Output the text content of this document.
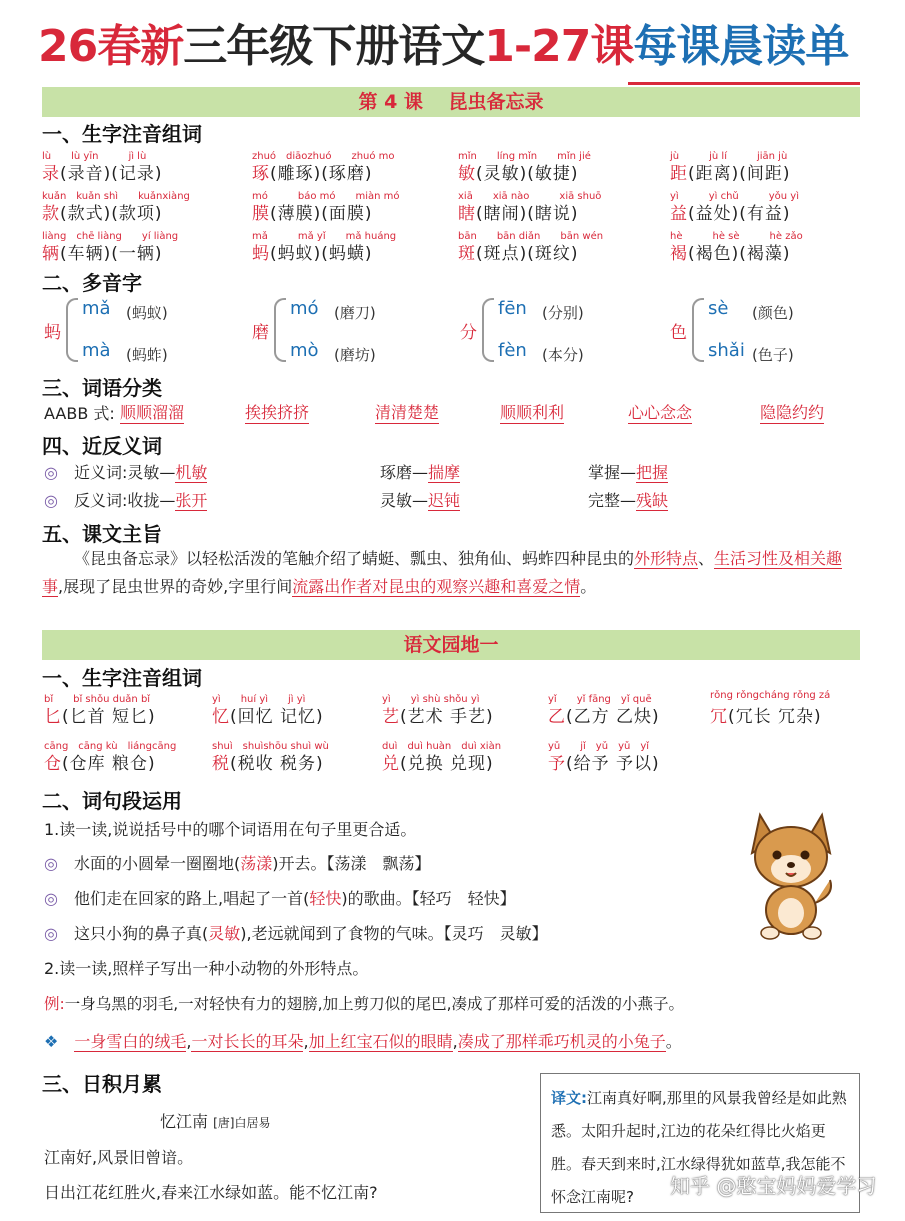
26春新三年级下册语文1-27课每课晨读单
第 4 课　 昆虫备忘录
一、生字注音组词
lù　　lù yīn　　　jì lù
录(录音)(记录)
zhuó　diāozhuó　　zhuó mo
琢(雕琢)(琢磨)
mǐn　　líng mǐn　　mǐn jié
敏(灵敏)(敏捷)
jù　　　jù lí　　　jiān jù
距(距离)(间距)
kuǎn　kuǎn shì　　kuǎnxiàng
款(款式)(款项)
mó　　　báo mó　　miàn mó
膜(薄膜)(面膜)
xiā　　xiā nào　　　xiā shuō
瞎(瞎闹)(瞎说)
yì　　　yì chǔ　　　yǒu yì
益(益处)(有益)
liàng　chē liàng　　yí liàng
辆(车辆)(一辆)
mǎ　　　mǎ yǐ　　mǎ huáng
蚂(蚂蚁)(蚂蟥)
bān　　bān diǎn　　bān wén
斑(斑点)(斑纹)
hè　　　hè sè　　　hè zǎo
褐(褐色)(褐藻)
二、多音字
蚂
mǎ (蚂蚁)
mà (蚂蚱)
磨
mó (磨刀)
mò (磨坊)
分
fēn (分别)
fèn (本分)
色
sè (颜色)
shǎi (色子)
三、词语分类
AABB 式: 顺顺溜溜	挨挨挤挤	清清楚楚	顺顺利利	心心念念	隐隐约约
四、近反义词
◎　 近义词:灵敏—机敏	琢磨—揣摩	掌握—把握
◎　 反义词:收拢—张开	灵敏—迟钝	完整—残缺
五、课文主旨
《昆虫备忘录》以轻松活泼的笔触介绍了蜻蜓、瓢虫、独角仙、蚂蚱四种昆虫的外形特点、生活习性及相关趣事,展现了昆虫世界的奇妙,字里行间流露出作者对昆虫的观察兴趣和喜爱之情。
语文园地一
一、生字注音组词
bǐ　　bǐ shǒu duǎn bǐ
匕(匕首 短匕)
yì　　huí yì　　jì yì
忆(回忆 记忆)
yì　　yì shù shǒu yì
艺(艺术 手艺)
yǐ　　yǐ fāng　yǐ quē
乙(乙方 乙炔)
rǒng rǒngcháng rǒng zá
冗(冗长 冗杂)
cāng　cāng kù　liángcāng
仓(仓库 粮仓)
shuì　shuìshōu shuì wù
税(税收 税务)
duì　duì huàn　duì xiàn
兑(兑换 兑现)
yǔ　　jǐ　yǔ　yǔ　yǐ
予(给予 予以)
二、词句段运用
1.读一读,说说括号中的哪个词语用在句子里更合适。
◎　 水面的小圆晕一圈圈地(荡漾)开去。【荡漾　飘荡】
◎　 他们走在回家的路上,唱起了一首(轻快)的歌曲。【轻巧　轻快】
◎　 这只小狗的鼻子真(灵敏),老远就闻到了食物的气味。【灵巧　灵敏】
2.读一读,照样子写出一种小动物的外形特点。
例:一身乌黑的羽毛,一对轻快有力的翅膀,加上剪刀似的尾巴,凑成了那样可爱的活泼的小燕子。
❖　 一身雪白的绒毛,一对长长的耳朵,加上红宝石似的眼睛,凑成了那样乖巧机灵的小兔子。
三、日积月累
忆江南 [唐]白居易
江南好,风景旧曾谙。
日出江花红胜火,春来江水绿如蓝。能不忆江南?
译文:江南真好啊,那里的风景我曾经是如此熟悉。太阳升起时,江边的花朵红得比火焰更胜。春天到来时,江水绿得犹如蓝草,我怎能不怀念江南呢?	知乎 @憨宝妈妈爱学习
